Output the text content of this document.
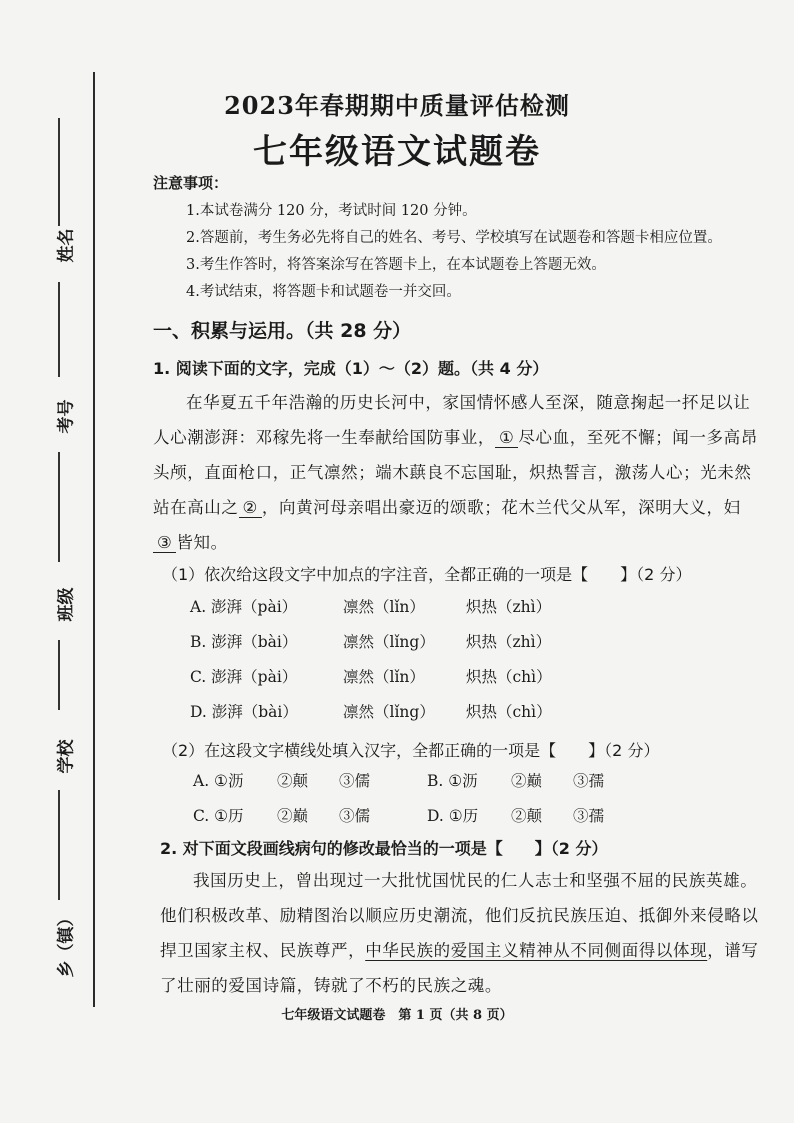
姓名
考号
班级
学校
乡（镇）
2023年春期期中质量评估检测
七年级语文试题卷
注意事项：
1.本试卷满分 120 分，考试时间 120 分钟。
2.答题前，考生务必先将自己的姓名、考号、学校填写在试题卷和答题卡相应位置。
3.考生作答时，将答案涂写在答题卡上，在本试题卷上答题无效。
4.考试结束，将答题卡和试题卷一并交回。
一、积累与运用。（共 28 分）
1. 阅读下面的文字，完成（1）～（2）题。（共 4 分）
在华夏五千年浩瀚的历史长河中，家国情怀感人至深，随意掬起一抔足以让人心潮澎湃：邓稼先将一生奉献给国防事业， ① 尽心血，至死不懈；闻一多高昂头颅，直面枪口，正气凛然；端木蕻良不忘国耻，炽热誓言，激荡人心；光未然站在高山之 ② ，向黄河母亲唱出豪迈的颂歌；花木兰代父从军，深明大义，妇③ 皆知。
（1）依次给这段文字中加点的字注音，全都正确的一项是【　　】（2 分）
A. 澎湃（pài）	凛然（lǐn）	炽热（zhì）
B. 澎湃（bài）	凛然（lǐng） 炽热（zhì）
C. 澎湃（pài）	凛然（lǐn）	炽热（chì）
D. 澎湃（bài）	凛然（lǐng） 炽热（chì）
（2）在这段文字横线处填入汉字，全都正确的一项是【　　】（2 分）
A. ①沥 ②颠 ③儒	B. ①沥 ②巅 ③孺
C. ①历 ②巅 ③儒	D. ①历 ②颠 ③孺
2. 对下面文段画线病句的修改最恰当的一项是【　　】（2 分）
我国历史上，曾出现过一大批忧国忧民的仁人志士和坚强不屈的民族英雄。他们积极改革、励精图治以顺应历史潮流，他们反抗民族压迫、抵御外来侵略以捍卫国家主权、民族尊严，中华民族的爱国主义精神从不同侧面得以体现，谱写了壮丽的爱国诗篇，铸就了不朽的民族之魂。
七年级语文试题卷　第 1 页（共 8 页）
